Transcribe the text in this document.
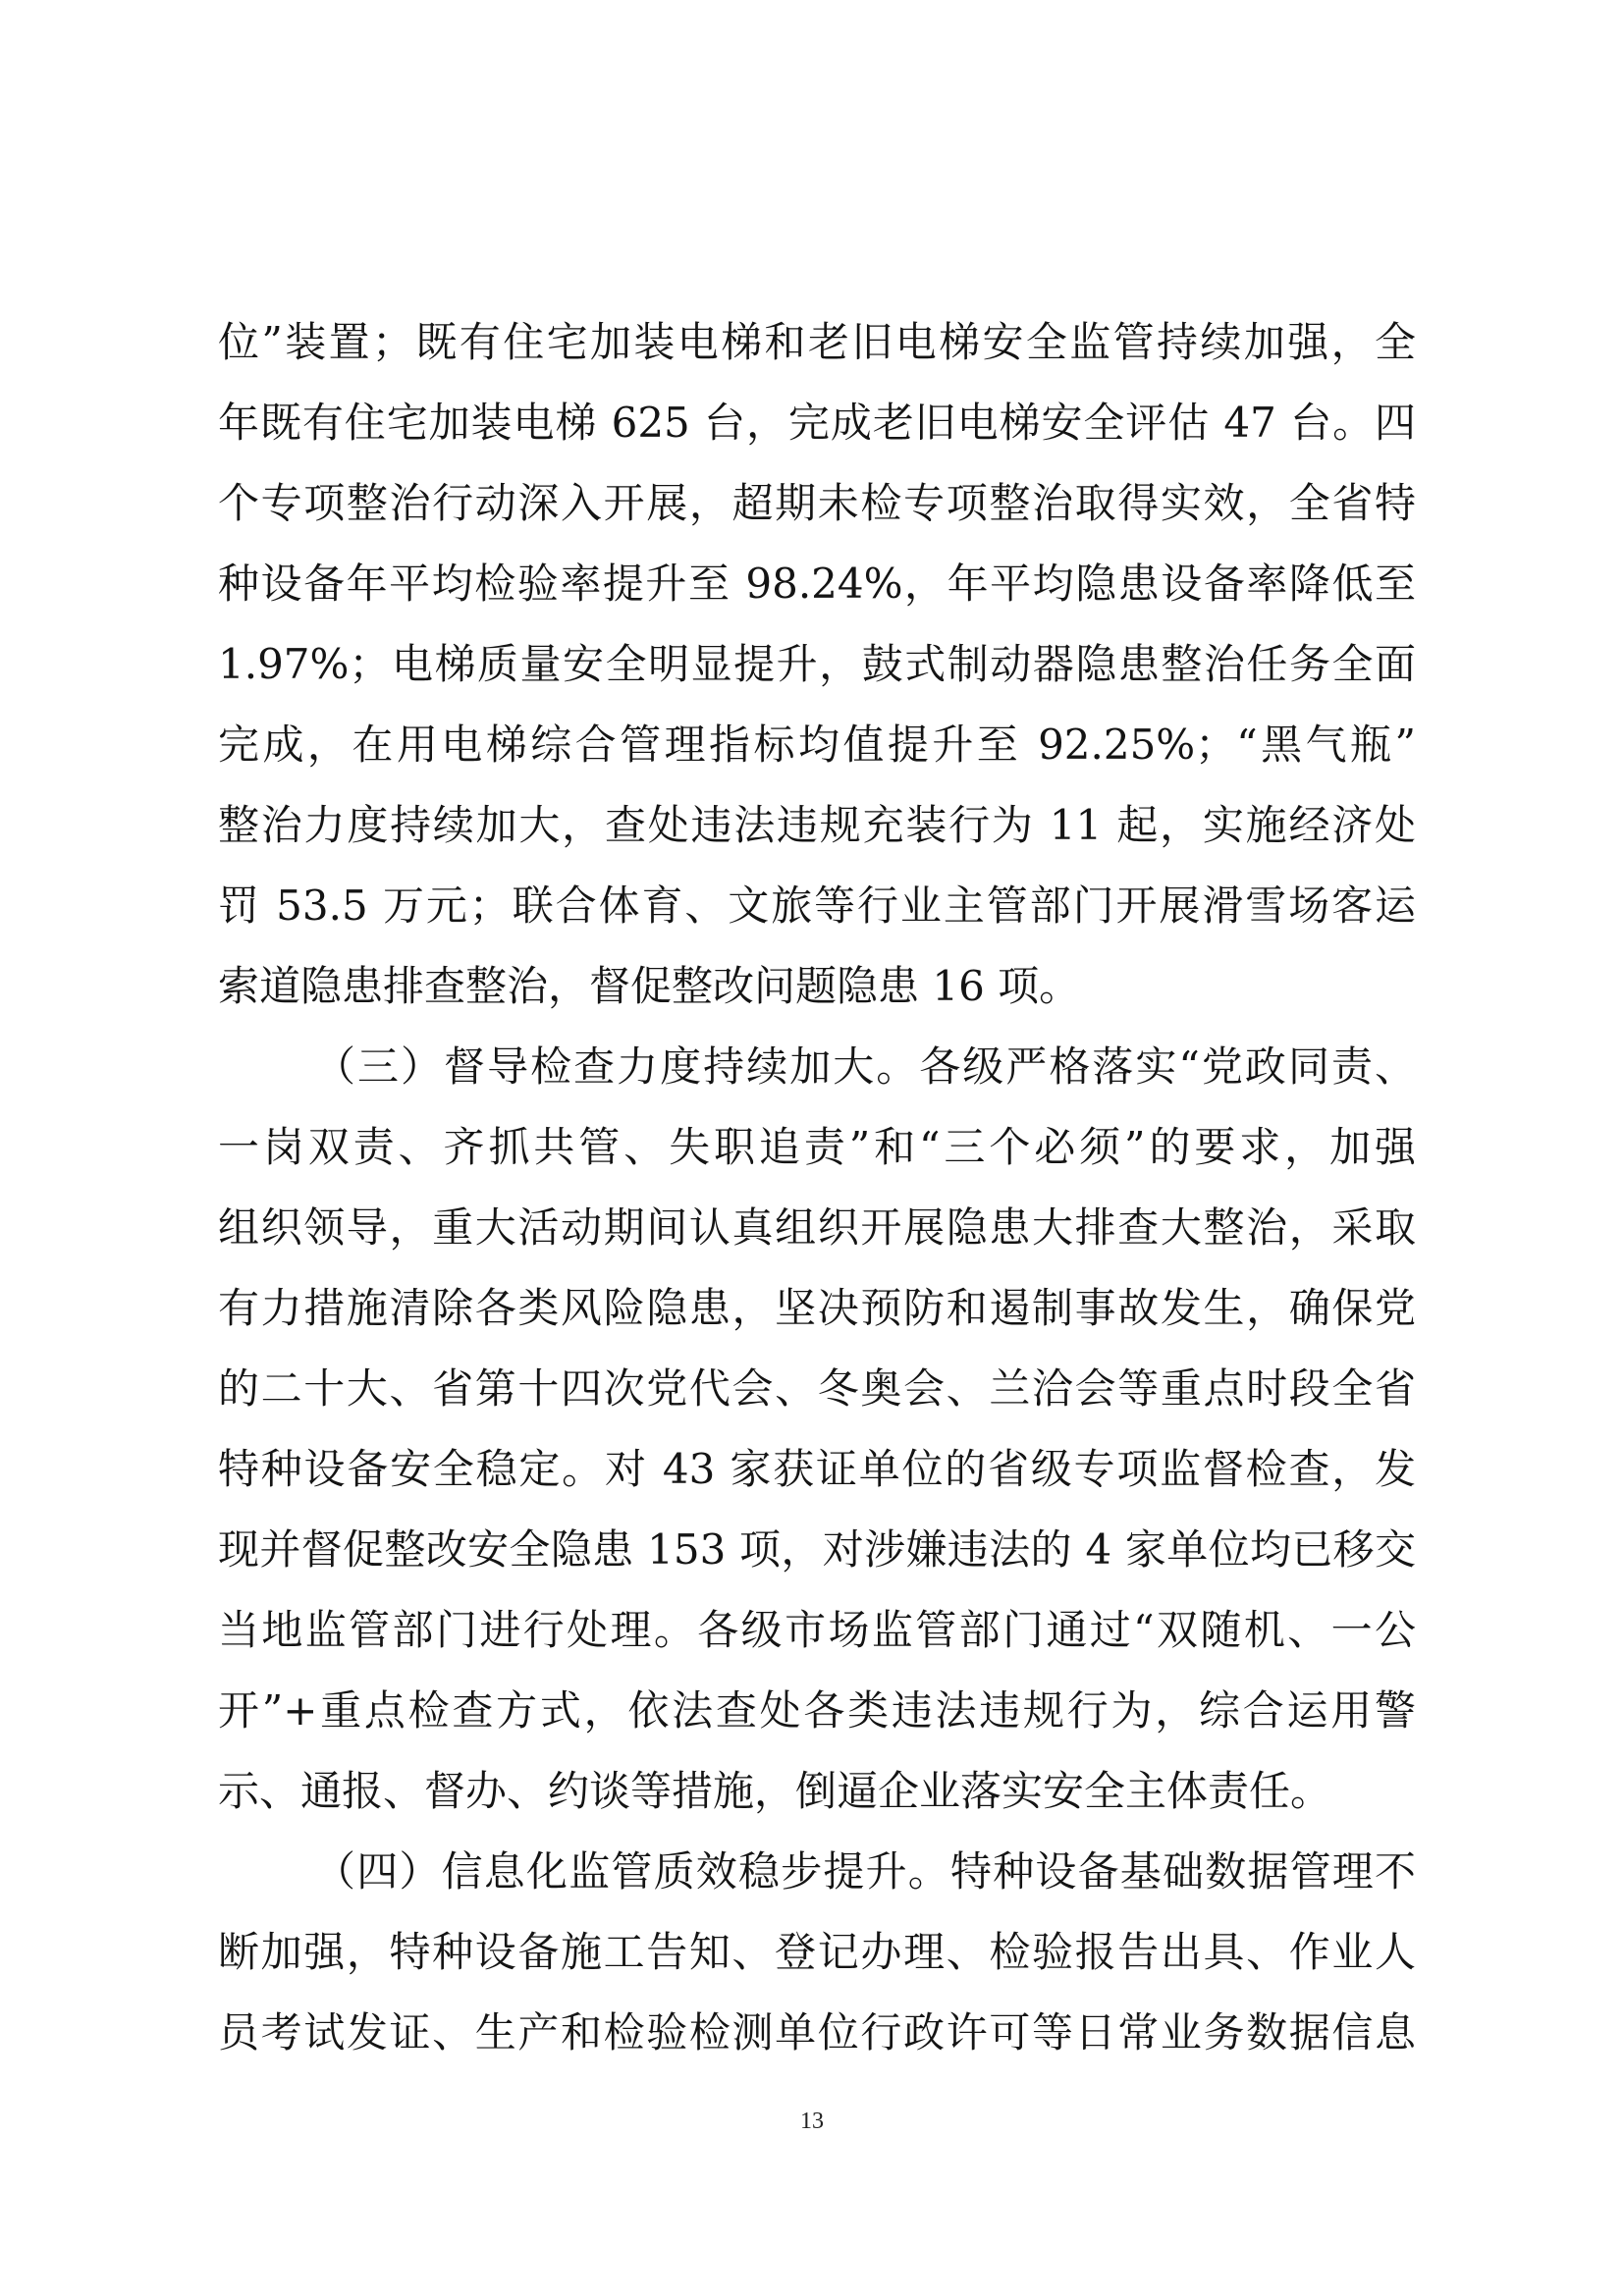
位”装置；既有住宅加装电梯和老旧电梯安全监管持续加强，全
年既有住宅加装电梯 625 台，完成老旧电梯安全评估 47 台。四
个专项整治行动深入开展，超期未检专项整治取得实效，全省特
种设备年平均检验率提升至 98.24%，年平均隐患设备率降低至
1.97%；电梯质量安全明显提升，鼓式制动器隐患整治任务全面
完成，在用电梯综合管理指标均值提升至 92.25%；“黑气瓶”
整治力度持续加大，查处违法违规充装行为 11 起，实施经济处
罚 53.5 万元；联合体育、文旅等行业主管部门开展滑雪场客运
索道隐患排查整治，督促整改问题隐患 16 项。
（三）督导检查力度持续加大。各级严格落实“党政同责、
一岗双责、齐抓共管、失职追责”和“三个必须”的要求，加强
组织领导，重大活动期间认真组织开展隐患大排查大整治，采取
有力措施清除各类风险隐患，坚决预防和遏制事故发生，确保党
的二十大、省第十四次党代会、冬奥会、兰洽会等重点时段全省
特种设备安全稳定。对 43 家获证单位的省级专项监督检查，发
现并督促整改安全隐患 153 项，对涉嫌违法的 4 家单位均已移交
当地监管部门进行处理。各级市场监管部门通过“双随机、一公
开”+重点检查方式，依法查处各类违法违规行为，综合运用警
示、通报、督办、约谈等措施，倒逼企业落实安全主体责任。
（四）信息化监管质效稳步提升。特种设备基础数据管理不
断加强，特种设备施工告知、登记办理、检验报告出具、作业人
员考试发证、生产和检验检测单位行政许可等日常业务数据信息
13
